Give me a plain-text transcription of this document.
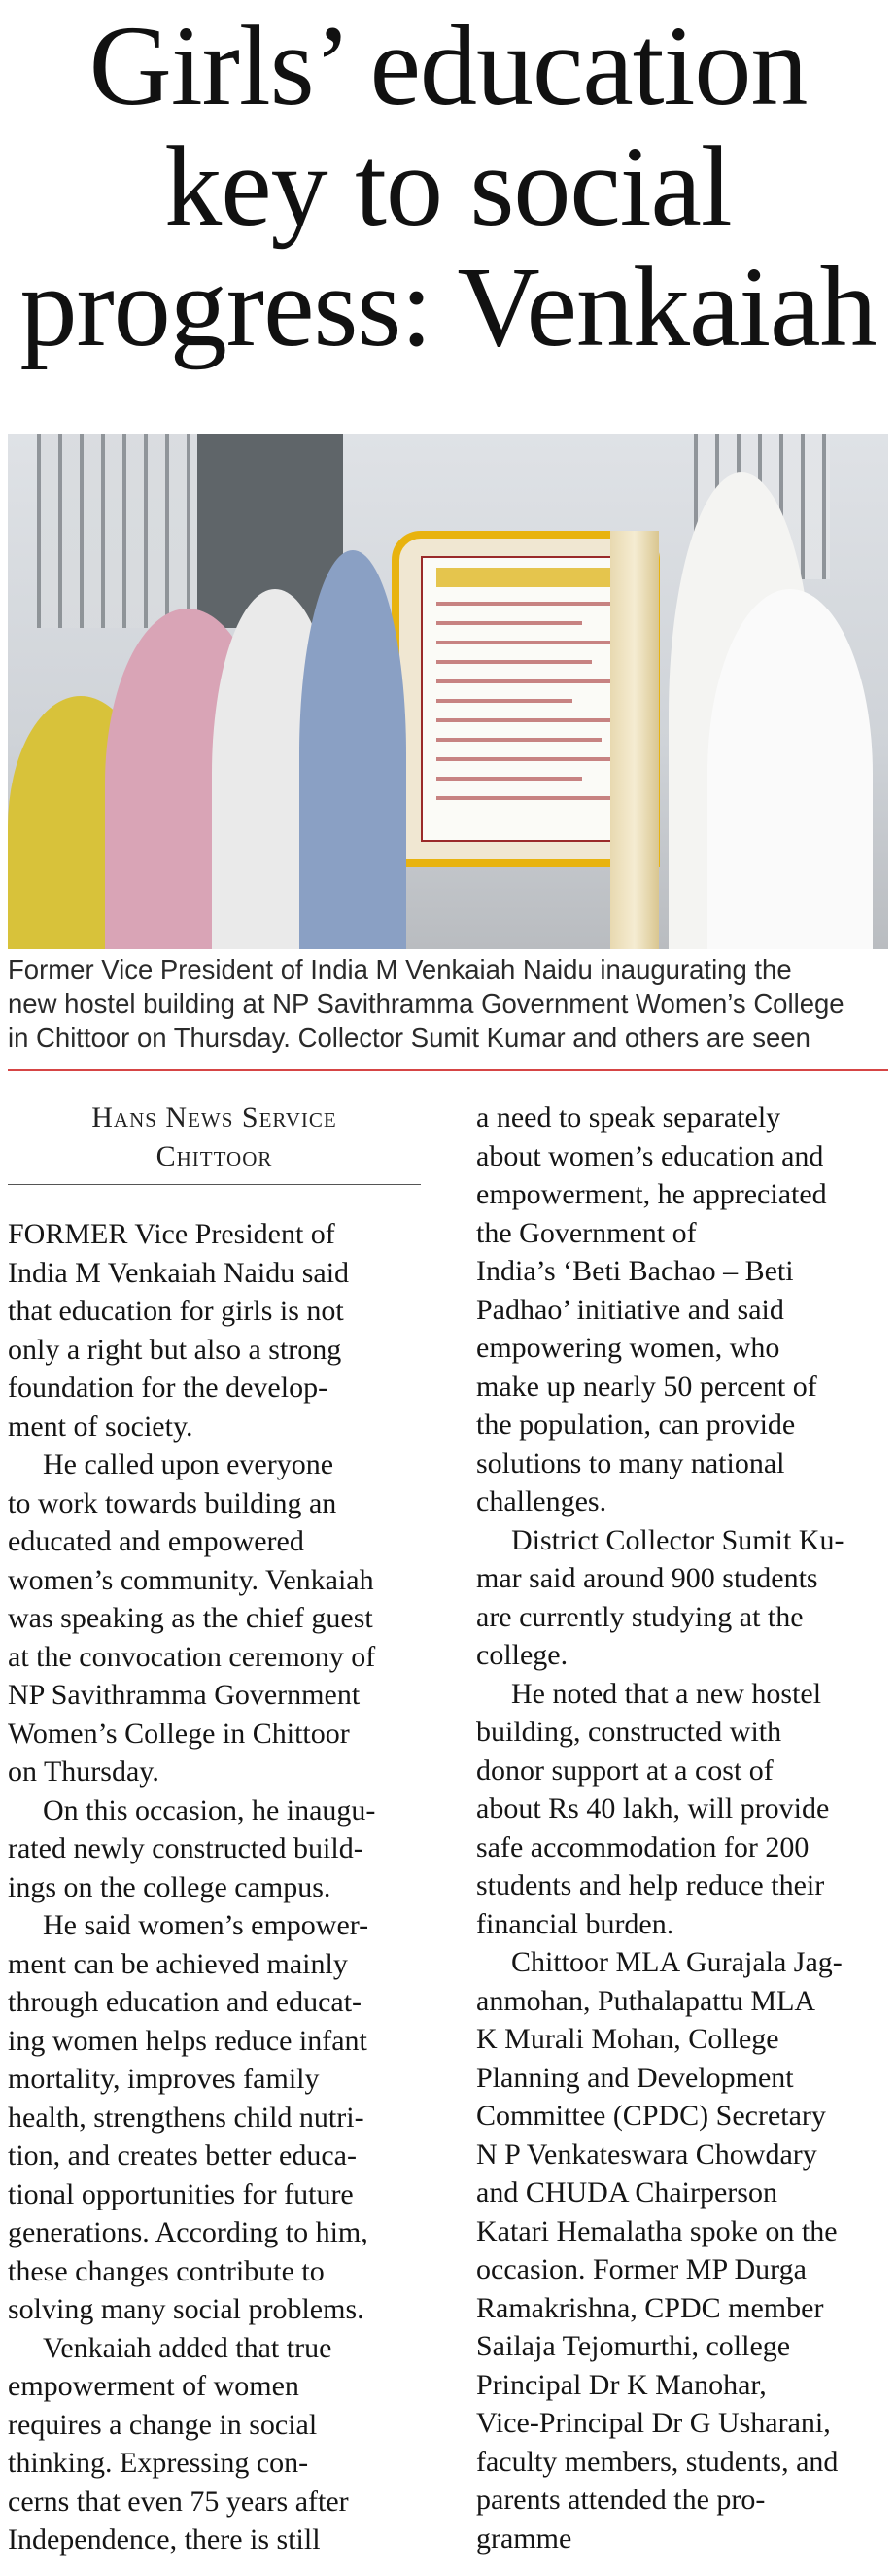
Girls’ education
key to social
progress: Venkaiah
Former Vice President of India M Venkaiah Naidu inaugurating the
new hostel building at NP Savithramma Government Women’s College
in Chittoor on Thursday. Collector Sumit Kumar and others are seen
Hans News Service
Chittoor
FORMER Vice President of
India M Venkaiah Naidu said
that education for girls is not
only a right but also a strong
foundation for the develop-
ment of society.
He called upon everyone
to work towards building an
educated and empowered
women’s community. Venkaiah
was speaking as the chief guest
at the convocation ceremony of
NP Savithramma Government
Women’s College in Chittoor
on Thursday.
On this occasion, he inaugu-
rated newly constructed build-
ings on the college campus.
He said women’s empower-
ment can be achieved mainly
through education and educat-
ing women helps reduce infant
mortality, improves family
health, strengthens child nutri-
tion, and creates better educa-
tional opportunities for future
generations. According to him,
these changes contribute to
solving many social problems.
Venkaiah added that true
empowerment of women
requires a change in social
thinking. Expressing con-
cerns that even 75 years after
Independence, there is still
a need to speak separately
about women’s education and
empowerment, he appreciated
the Government of
India’s ‘Beti Bachao – Beti
Padhao’ initiative and said
empowering women, who
make up nearly 50 percent of
the population, can provide
solutions to many national
challenges.
District Collector Sumit Ku-
mar said around 900 students
are currently studying at the
college.
He noted that a new hostel
building, constructed with
donor support at a cost of
about Rs 40 lakh, will provide
safe accommodation for 200
students and help reduce their
financial burden.
Chittoor MLA Gurajala Jag-
anmohan, Puthalapattu MLA
K Murali Mohan, College
Planning and Development
Committee (CPDC) Secretary
N P Venkateswara Chowdary
and CHUDA Chairperson
Katari Hemalatha spoke on the
occasion. Former MP Durga
Ramakrishna, CPDC member
Sailaja Tejomurthi, college
Principal Dr K Manohar,
Vice-Principal Dr G Usharani,
faculty members, students, and
parents attended the pro-
gramme
